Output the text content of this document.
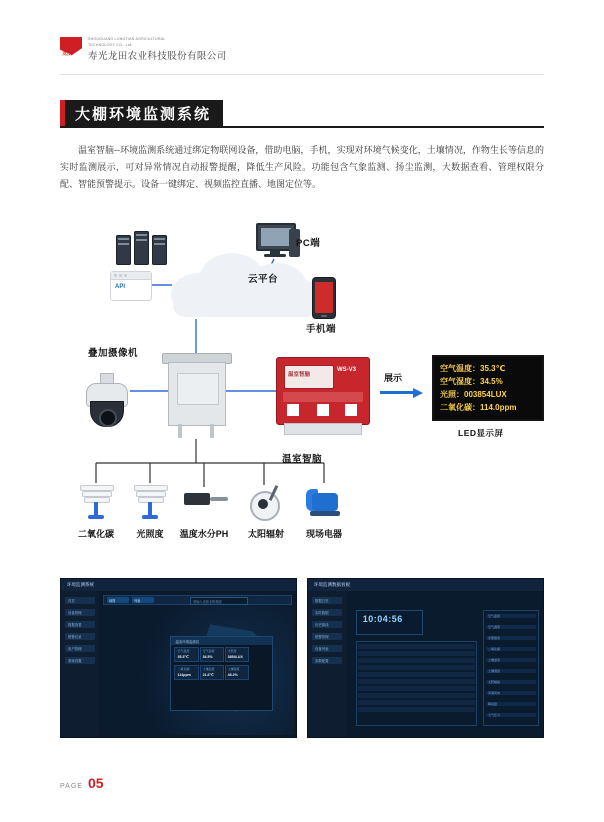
龙田
SHOUGUANG LONGTIAN AGRICULTURAL TECHNOLOGY CO., Ltd.
寿光龙田农业科技股份有限公司
大棚环境监测系统
温室智脑--环境监测系统通过绑定物联网设备，借助电脑，手机，实现对环境气候变化，土壤情况，作物生长等信息的实时监测展示，可对异常情况自动报警提醒，降低生产风险。功能包含气象监测、扬尘监测，大数据查看、管理权限分配、智能预警提示。设备一键绑定、视频监控直播、地图定位等。
云平台
API
PC端
手机端
叠加摄像机
温室智脑
WS-V3
温室智脑
展示
空气温度：35.3℃
空气湿度：34.5%
光照：003854LUX
二氧化碳：114.0ppm
LED显示屏
二氧化碳 光照度 温度水分PH 太阳辐射 现场电器
环境监测系统
首页
设备管理
数据查看
报警记录
用户管理
系统设置
地图	列表	请输入设备名称搜索
温室环境监测站
空气温度
35.3℃
空气湿度
34.5%
光照度
3854LUX
二氧化碳
114ppm
土壤温度
21.6℃
土壤湿度
48.2%
环境监测数据看板
数据总览
实时数据
历史曲线
报警管理
设备列表
参数配置
10:04:56	空气温度
空气湿度
光照强度
二氧化碳
土壤温度
土壤湿度
太阳辐射
风速风向
降雨量
大气压力
PAGE 05
